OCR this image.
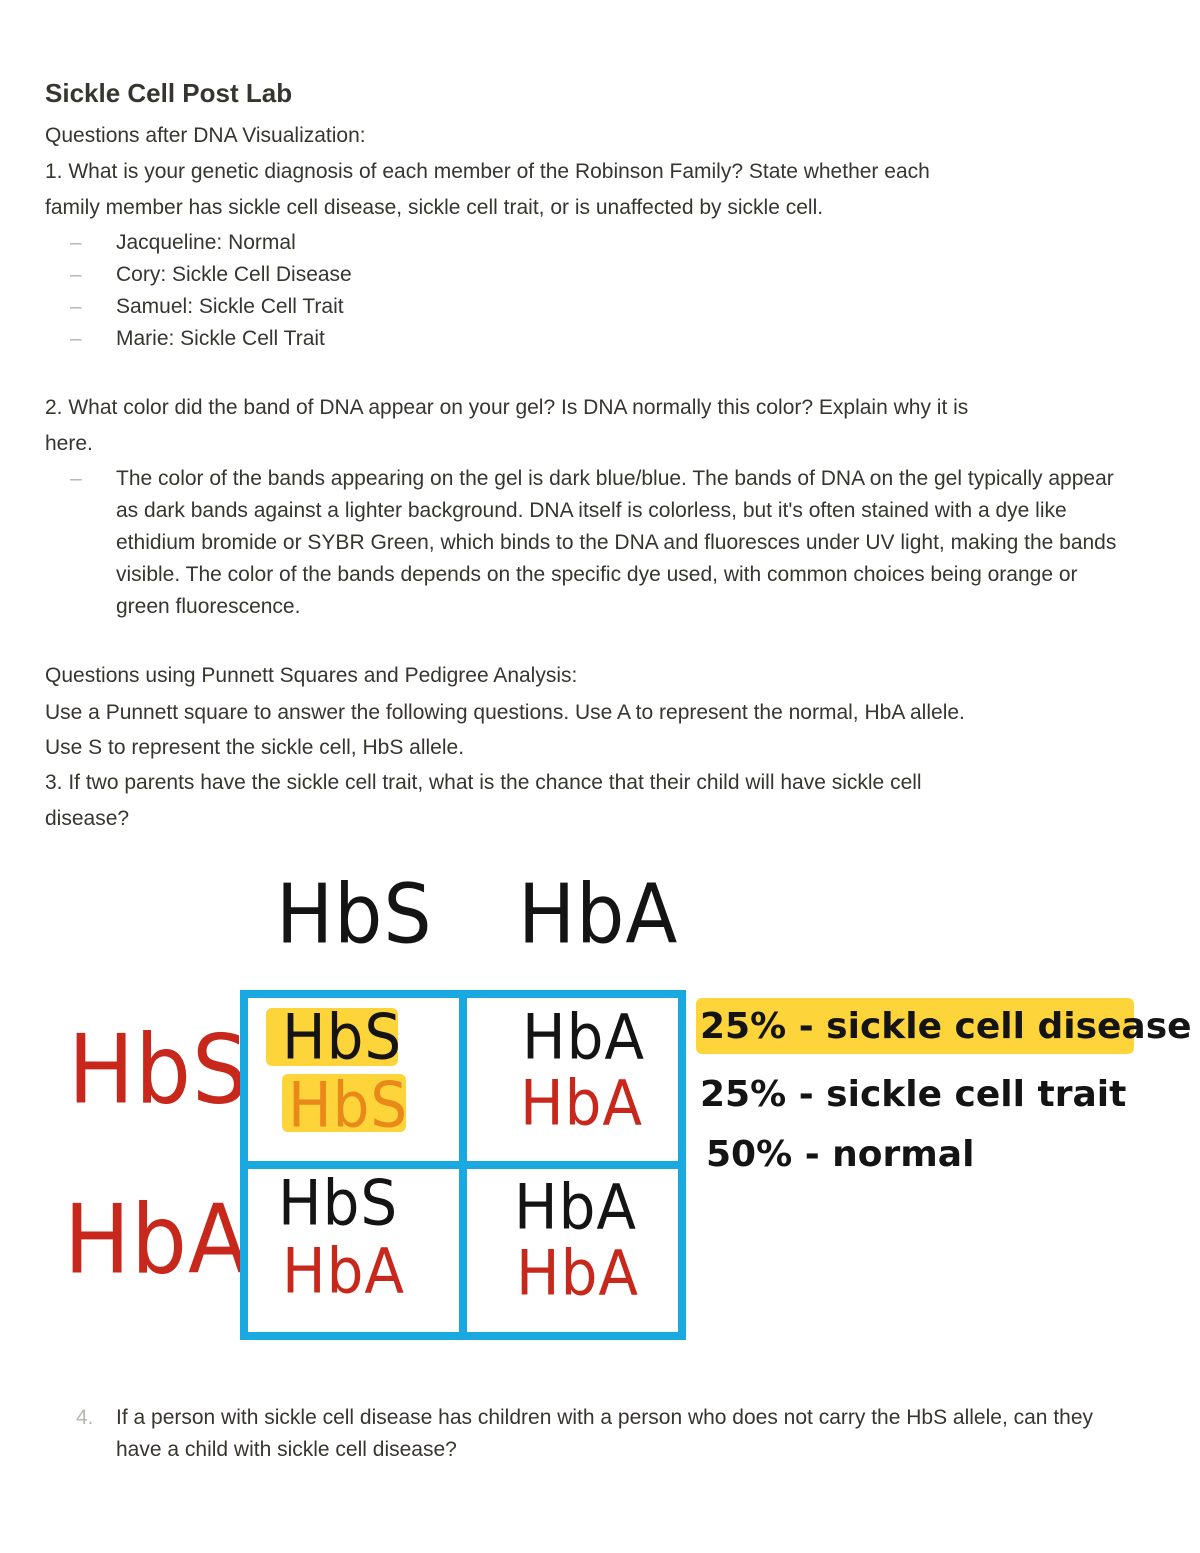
Sickle Cell Post Lab

Questions after DNA Visualization:

1. What is your genetic diagnosis of each member of the Robinson Family? State whether each

family member has sickle cell disease, sickle cell trait, or is unaffected by sickle cell.

– Jacqueline: Normal
– Cory: Sickle Cell Disease
– Samuel: Sickle Cell Trait
– Marie: Sickle Cell Trait

2. What color did the band of DNA appear on your gel? Is DNA normally this color? Explain why it is

here.

– The color of the bands appearing on the gel is dark blue/blue. The bands of DNA on the gel typically appear as dark bands against a lighter background. DNA itself is colorless, but it's often stained with a dye like ethidium bromide or SYBR Green, which binds to the DNA and fluoresces under UV light, making the bands visible. The color of the bands depends on the specific dye used, with common choices being orange or green fluorescence.

Questions using Punnett Squares and Pedigree Analysis:

Use a Punnett square to answer the following questions. Use A to represent the normal, HbA allele.

Use S to represent the sickle cell, HbS allele.

3. If two parents have the sickle cell trait, what is the chance that their child will have sickle cell

disease?

HbS HbA
HbS
HbA
HbS
HbS
HbA
HbA
HbS
HbA
HbA
HbA
25% - sickle cell disease
25% - sickle cell trait
50% - normal
4. If a person with sickle cell disease has children with a person who does not carry the HbS allele, can they have a child with sickle cell disease?
